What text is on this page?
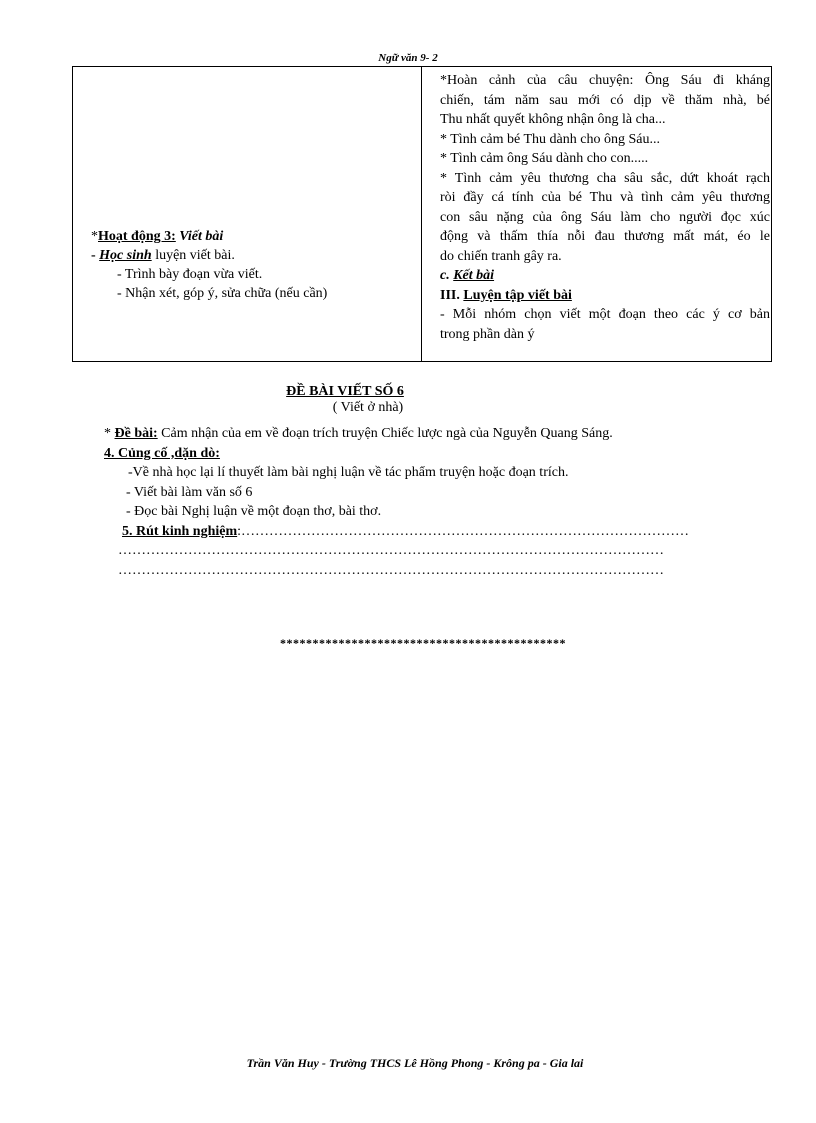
Ngữ văn 9- 2
*Hoạt động 3: Viết bài
- Học sinh luyện viết bài.
- Trình bày đoạn vừa viết.
- Nhận xét, góp ý, sửa chữa (nếu cần)
*Hoàn cảnh của câu chuyện: Ông Sáu đi kháng
chiến, tám năm sau mới có dịp về thăm nhà, bé
Thu nhất quyết không nhận ông là cha...
* Tình cảm bé Thu dành cho ông Sáu...
* Tình cảm ông Sáu dành cho con.....
* Tình cảm yêu thương cha sâu sắc, dứt khoát rạch
ròi đầy cá tính của bé Thu và tình cảm yêu thương
con sâu nặng của ông Sáu làm cho người đọc xúc
động và thấm thía nỗi đau thương mất mát, éo le
do chiến tranh gây ra.
c. Kết bài
III. Luyện tập viết bài
- Mỗi nhóm chọn viết một đoạn theo các ý cơ bản
trong phần dàn ý
ĐỀ BÀI VIẾT SỐ 6
( Viết ở nhà)
* Đề bài: Cảm nhận của em về đoạn trích truyện Chiếc lược ngà của Nguyễn Quang Sáng.
4. Củng cố ,dặn dò:
-Về nhà học lại lí thuyết làm bài nghị luận về tác phẩm truyện hoặc đoạn trích.
- Viết bài làm văn số 6
- Đọc bài Nghị luận về một đoạn thơ, bài thơ.
5. Rút kinh nghiệm:……………………………………………………………………………………
………………………………………………………………………………………………………
………………………………………………………………………………………………………
********************************************
Trần Văn Huy - Trường THCS Lê Hồng Phong - Krông pa - Gia lai
